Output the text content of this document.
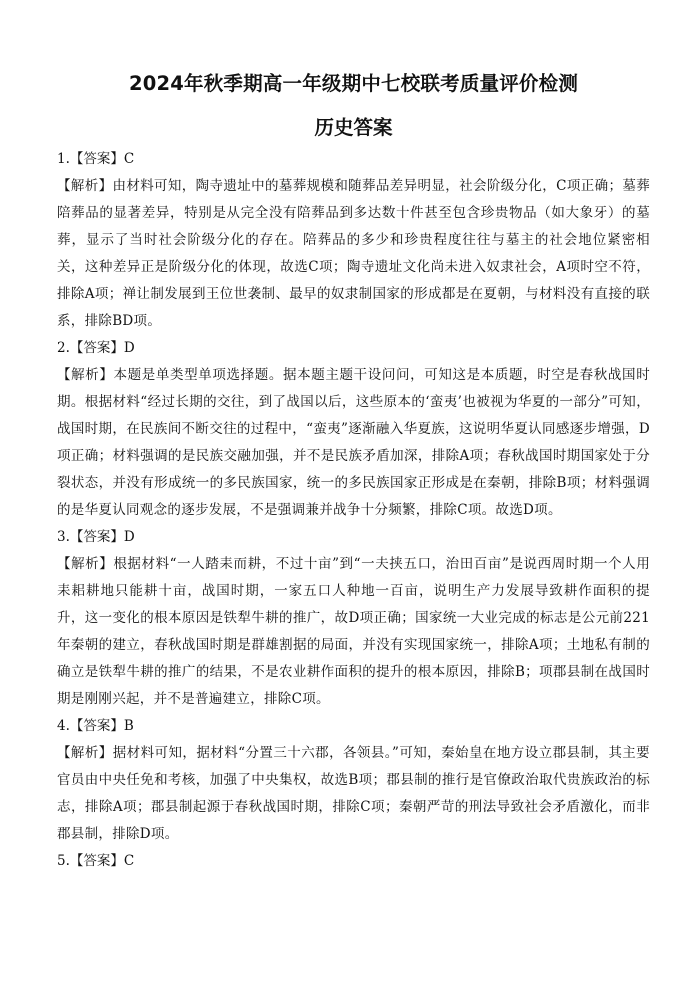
2024年秋季期高一年级期中七校联考质量评价检测
历史答案
1.【答案】C
【解析】由材料可知，陶寺遗址中的墓葬规模和随葬品差异明显，社会阶级分化，C项正确；墓葬陪葬品的显著差异，特别是从完全没有陪葬品到多达数十件甚至包含珍贵物品（如大象牙）的墓葬，显示了当时社会阶级分化的存在。陪葬品的多少和珍贵程度往往与墓主的社会地位紧密相关，这种差异正是阶级分化的体现，故选C项；陶寺遗址文化尚未进入奴隶社会，A项时空不符，排除A项；禅让制发展到王位世袭制、最早的奴隶制国家的形成都是在夏朝，与材料没有直接的联系，排除BD项。
2.【答案】D
【解析】本题是单类型单项选择题。据本题主题干设问问，可知这是本质题，时空是春秋战国时期。根据材料“经过长期的交往，到了战国以后，这些原本的‘蛮夷’也被视为华夏的一部分”可知，战国时期，在民族间不断交往的过程中，“蛮夷”逐渐融入华夏族，这说明华夏认同感逐步增强，D项正确；材料强调的是民族交融加强，并不是民族矛盾加深，排除A项；春秋战国时期国家处于分裂状态，并没有形成统一的多民族国家，统一的多民族国家正形成是在秦朝，排除B项；材料强调的是华夏认同观念的逐步发展，不是强调兼并战争十分频繁，排除C项。故选D项。
3.【答案】D
【解析】根据材料“一人踏耒而耕，不过十亩”到“一夫挟五口，治田百亩”是说西周时期一个人用耒耜耕地只能耕十亩，战国时期，一家五口人种地一百亩，说明生产力发展导致耕作面积的提升，这一变化的根本原因是铁犁牛耕的推广，故D项正确；国家统一大业完成的标志是公元前221年秦朝的建立，春秋战国时期是群雄割据的局面，并没有实现国家统一，排除A项；土地私有制的确立是铁犁牛耕的推广的结果，不是农业耕作面积的提升的根本原因，排除B；项郡县制在战国时期是刚刚兴起，并不是普遍建立，排除C项。
4.【答案】B
【解析】据材料可知，据材料“分置三十六郡，各领县。”可知，秦始皇在地方设立郡县制，其主要官员由中央任免和考核，加强了中央集权，故选B项；郡县制的推行是官僚政治取代贵族政治的标志，排除A项；郡县制起源于春秋战国时期，排除C项；秦朝严苛的刑法导致社会矛盾激化，而非郡县制，排除D项。
5.【答案】C
